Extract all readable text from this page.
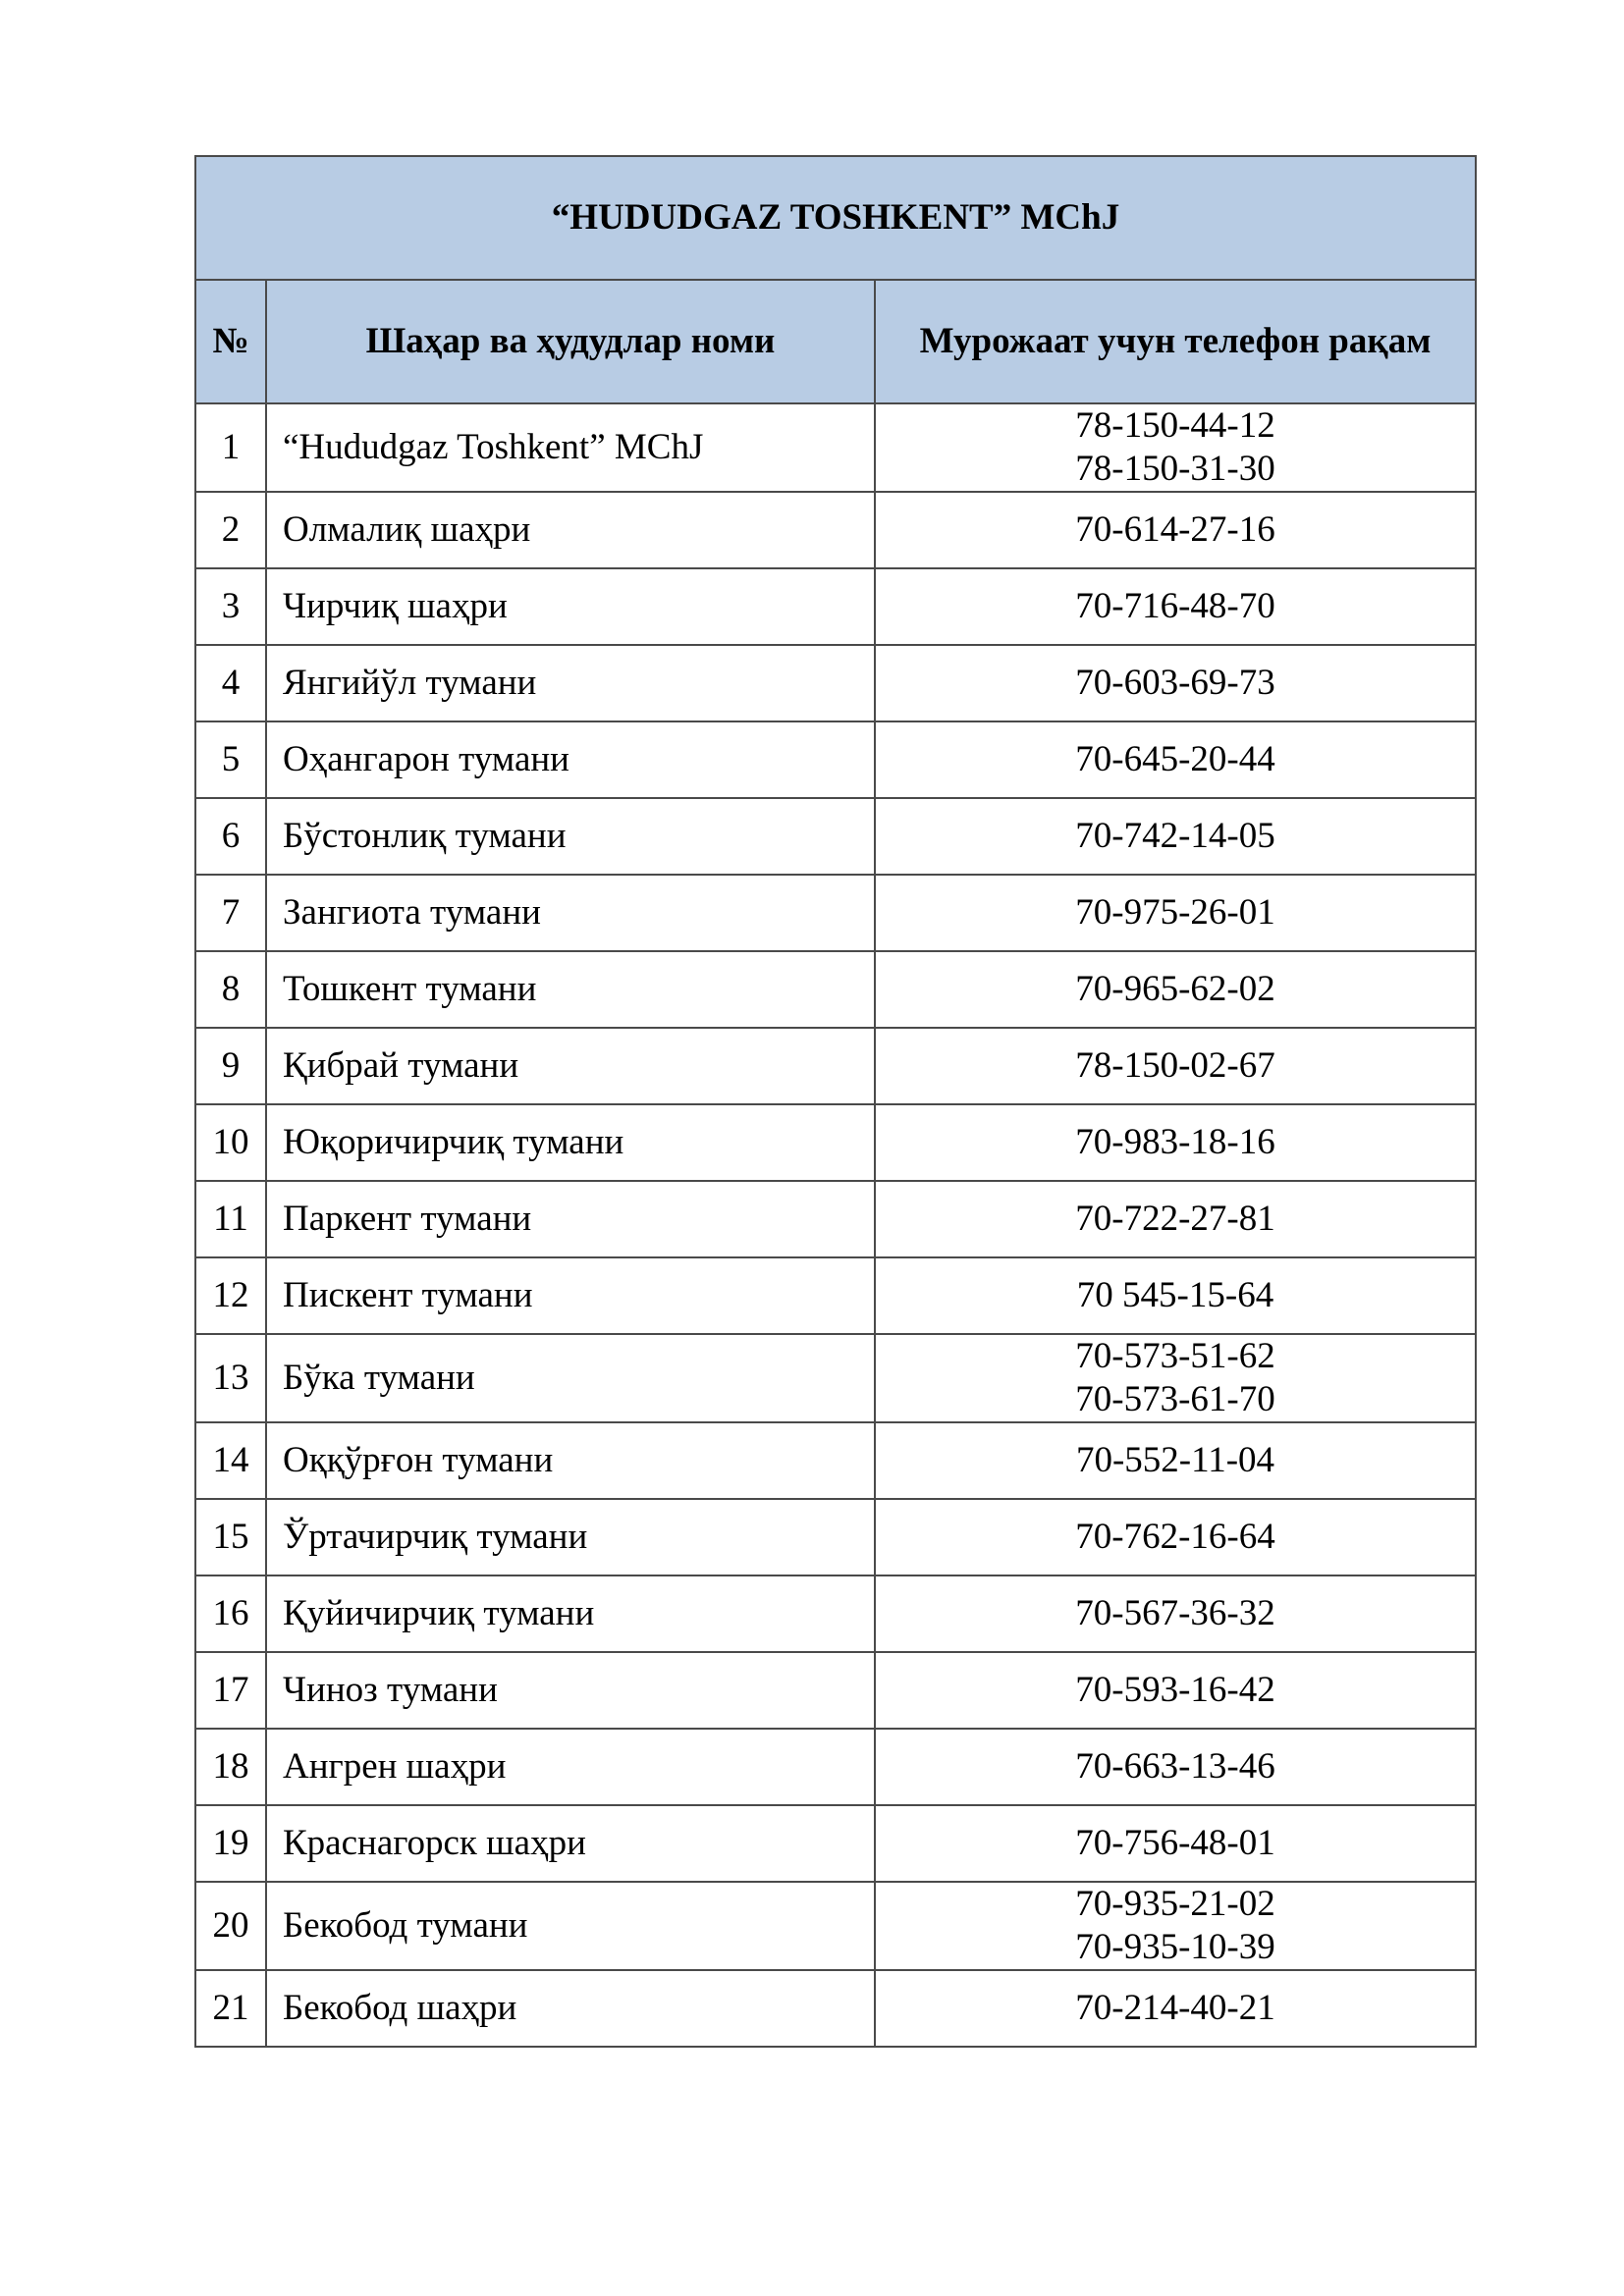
“HUDUDGAZ TOSHKENT” MChJ		
№	Шаҳар ва ҳудудлар номи	Мурожаат учун телефон рақам
1	“Hududgaz Toshkent” MChJ	78-150-44-12
78-150-31-30

2	Олмалиқ шаҳри	70-614-27-16

3	Чирчиқ шаҳри	70-716-48-70

4	Янгийўл тумани	70-603-69-73

5	Оҳангарон тумани	70-645-20-44

6	Бўстонлиқ тумани	70-742-14-05

7	Зангиота тумани	70-975-26-01

8	Тошкент тумани	70-965-62-02

9	Қибрай тумани	78-150-02-67

10	Юқоричирчиқ тумани	70-983-18-16

11	Паркент тумани	70-722-27-81

12	Пискент тумани	70 545-15-64

13	Бўка тумани	70-573-51-62
70-573-61-70

14	Оққўрғон тумани	70-552-11-04

15	Ўртачирчиқ тумани	70-762-16-64

16	Қуйичирчиқ тумани	70-567-36-32

17	Чиноз тумани	70-593-16-42

18	Ангрен шаҳри	70-663-13-46

19	Краснагорск шаҳри	70-756-48-01

20	Бекобод тумани	70-935-21-02
70-935-10-39

21	Бекобод шаҳри	70-214-40-21
